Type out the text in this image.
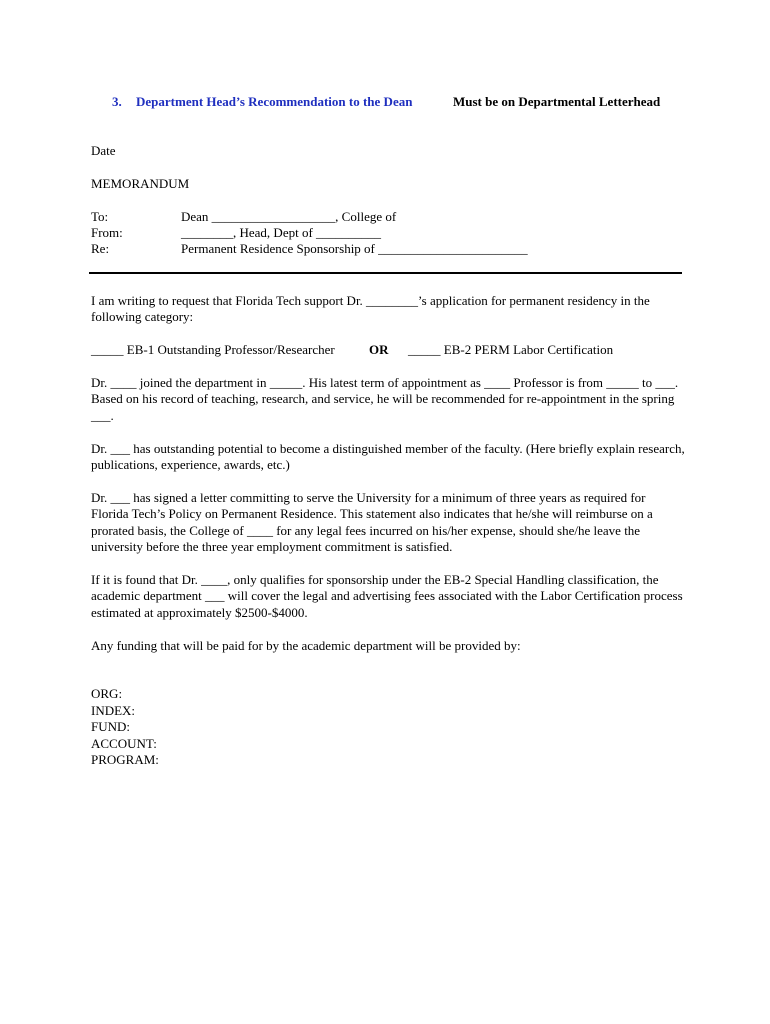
3. Department Head’s Recommendation to the Dean	Must be on Departmental Letterhead
Date
MEMORANDUM
To:	Dean ___________________, College of
From:	________, Head, Dept of __________
Re:	Permanent Residence Sponsorship of _______________________
I am writing to request that Florida Tech support Dr. ________’s application for permanent residency in the following category:
_____ EB-1 Outstanding Professor/Researcher	OR _____ EB-2 PERM Labor Certification
Dr. ____ joined the department in _____. His latest term of appointment as ____ Professor is from _____ to ___. Based on his record of teaching, research, and service, he will be recommended for re-appointment in the spring ___.
Dr. ___ has outstanding potential to become a distinguished member of the faculty. (Here briefly explain research, publications, experience, awards, etc.)
Dr. ___ has signed a letter committing to serve the University for a minimum of three years as required for Florida Tech’s Policy on Permanent Residence. This statement also indicates that he/she will reimburse on a prorated basis, the College of ____ for any legal fees incurred on his/her expense, should she/he leave the university before the three year employment commitment is satisfied.
If it is found that Dr. ____, only qualifies for sponsorship under the EB-2 Special Handling classification, the academic department ___ will cover the legal and advertising fees associated with the Labor Certification process estimated at approximately $2500-$4000.
Any funding that will be paid for by the academic department will be provided by:
ORG:
INDEX:
FUND:
ACCOUNT:
PROGRAM:
